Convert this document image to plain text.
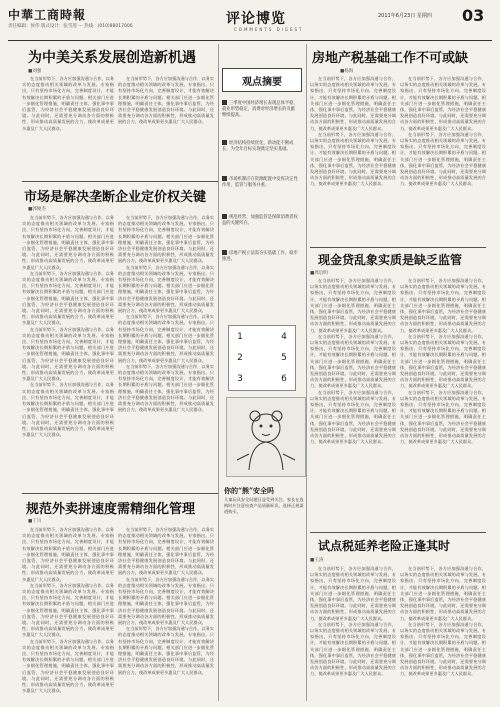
中華工商時報
责任编辑：侯伟 版式设计：张雪莲 ··· 热线：(010)88017006	评论博览
COMMENTS DIGEST
2011年6月23日 星期四 03
为中美关系发展创造新机遇
■刘强

在当前形势下，各方应加强沟通与合作，以务实的态度推动相关领域的改革与发展。专家指出，只有坚持市场化方向，完善制度设计，才能有效解决长期积累的矛盾与问题。相关部门应进一步细化管理措施，明确责任主体，强化事中事后监管，为经济社会平稳健康发展创造良好环境。与此同时，还需要充分调动各方面的积极性，形成推动高质量发展的合力，使改革成果更多惠及广大人民群众。

在当前形势下，各方应加强沟通与合作，以务实的态度推动相关领域的改革与发展。专家指出，只有坚持市场化方向，完善制度设计，才能有效解决长期积累的矛盾与问题。相关部门应进一步细化管理措施，明确责任主体，强化事中事后监管，为经济社会平稳健康发展创造良好环境。与此同时，还需要充分调动各方面的积极性，形成推动高质量发展的合力，使改革成果更多惠及广大人民群众。

市场是解决垄断企业定价权关键
■郭俊杰

在当前形势下，各方应加强沟通与合作，以务实的态度推动相关领域的改革与发展。专家指出，只有坚持市场化方向，完善制度设计，才能有效解决长期积累的矛盾与问题。相关部门应进一步细化管理措施，明确责任主体，强化事中事后监管，为经济社会平稳健康发展创造良好环境。与此同时，还需要充分调动各方面的积极性，形成推动高质量发展的合力，使改革成果更多惠及广大人民群众。

在当前形势下，各方应加强沟通与合作，以务实的态度推动相关领域的改革与发展。专家指出，只有坚持市场化方向，完善制度设计，才能有效解决长期积累的矛盾与问题。相关部门应进一步细化管理措施，明确责任主体，强化事中事后监管，为经济社会平稳健康发展创造良好环境。与此同时，还需要充分调动各方面的积极性，形成推动高质量发展的合力，使改革成果更多惠及广大人民群众。

在当前形势下，各方应加强沟通与合作，以务实的态度推动相关领域的改革与发展。专家指出，只有坚持市场化方向，完善制度设计，才能有效解决长期积累的矛盾与问题。相关部门应进一步细化管理措施，明确责任主体，强化事中事后监管，为经济社会平稳健康发展创造良好环境。与此同时，还需要充分调动各方面的积极性，形成推动高质量发展的合力，使改革成果更多惠及广大人民群众。

在当前形势下，各方应加强沟通与合作，以务实的态度推动相关领域的改革与发展。专家指出，只有坚持市场化方向，完善制度设计，才能有效解决长期积累的矛盾与问题。相关部门应进一步细化管理措施，明确责任主体，强化事中事后监管，为经济社会平稳健康发展创造良好环境。与此同时，还需要充分调动各方面的积极性，形成推动高质量发展的合力，使改革成果更多惠及广大人民群众。

在当前形势下，各方应加强沟通与合作，以务实的态度推动相关领域的改革与发展。专家指出，只有坚持市场化方向，完善制度设计，才能有效解决长期积累的矛盾与问题。相关部门应进一步细化管理措施，明确责任主体，强化事中事后监管，为经济社会平稳健康发展创造良好环境。与此同时，还需要充分调动各方面的积极性，形成推动高质量发展的合力，使改革成果更多惠及广大人民群众。

在当前形势下，各方应加强沟通与合作，以务实的态度推动相关领域的改革与发展。专家指出，只有坚持市场化方向，完善制度设计，才能有效解决长期积累的矛盾与问题。相关部门应进一步细化管理措施，明确责任主体，强化事中事后监管，为经济社会平稳健康发展创造良好环境。与此同时，还需要充分调动各方面的积极性，形成推动高质量发展的合力，使改革成果更多惠及广大人民群众。

在当前形势下，各方应加强沟通与合作，以务实的态度推动相关领域的改革与发展。专家指出，只有坚持市场化方向，完善制度设计，才能有效解决长期积累的矛盾与问题。相关部门应进一步细化管理措施，明确责任主体，强化事中事后监管，为经济社会平稳健康发展创造良好环境。与此同时，还需要充分调动各方面的积极性，形成推动高质量发展的合力，使改革成果更多惠及广大人民群众。

在当前形势下，各方应加强沟通与合作，以务实的态度推动相关领域的改革与发展。专家指出，只有坚持市场化方向，完善制度设计，才能有效解决长期积累的矛盾与问题。相关部门应进一步细化管理措施，明确责任主体，强化事中事后监管，为经济社会平稳健康发展创造良好环境。与此同时，还需要充分调动各方面的积极性，形成推动高质量发展的合力，使改革成果更多惠及广大人民群众。

规范外卖拼速度需精细化管理
■丁川

在当前形势下，各方应加强沟通与合作，以务实的态度推动相关领域的改革与发展。专家指出，只有坚持市场化方向，完善制度设计，才能有效解决长期积累的矛盾与问题。相关部门应进一步细化管理措施，明确责任主体，强化事中事后监管，为经济社会平稳健康发展创造良好环境。与此同时，还需要充分调动各方面的积极性，形成推动高质量发展的合力，使改革成果更多惠及广大人民群众。

在当前形势下，各方应加强沟通与合作，以务实的态度推动相关领域的改革与发展。专家指出，只有坚持市场化方向，完善制度设计，才能有效解决长期积累的矛盾与问题。相关部门应进一步细化管理措施，明确责任主体，强化事中事后监管，为经济社会平稳健康发展创造良好环境。与此同时，还需要充分调动各方面的积极性，形成推动高质量发展的合力，使改革成果更多惠及广大人民群众。

在当前形势下，各方应加强沟通与合作，以务实的态度推动相关领域的改革与发展。专家指出，只有坚持市场化方向，完善制度设计，才能有效解决长期积累的矛盾与问题。相关部门应进一步细化管理措施，明确责任主体，强化事中事后监管，为经济社会平稳健康发展创造良好环境。与此同时，还需要充分调动各方面的积极性，形成推动高质量发展的合力，使改革成果更多惠及广大人民群众。

在当前形势下，各方应加强沟通与合作，以务实的态度推动相关领域的改革与发展。专家指出，只有坚持市场化方向，完善制度设计，才能有效解决长期积累的矛盾与问题。相关部门应进一步细化管理措施，明确责任主体，强化事中事后监管，为经济社会平稳健康发展创造良好环境。与此同时，还需要充分调动各方面的积极性，形成推动高质量发展的合力，使改革成果更多惠及广大人民群众。

在当前形势下，各方应加强沟通与合作，以务实的态度推动相关领域的改革与发展。专家指出，只有坚持市场化方向，完善制度设计，才能有效解决长期积累的矛盾与问题。相关部门应进一步细化管理措施，明确责任主体，强化事中事后监管，为经济社会平稳健康发展创造良好环境。与此同时，还需要充分调动各方面的积极性，形成推动高质量发展的合力，使改革成果更多惠及广大人民群众。

在当前形势下，各方应加强沟通与合作，以务实的态度推动相关领域的改革与发展。专家指出，只有坚持市场化方向，完善制度设计，才能有效解决长期积累的矛盾与问题。相关部门应进一步细化管理措施，明确责任主体，强化事中事后监管，为经济社会平稳健康发展创造良好环境。与此同时，还需要充分调动各方面的积极性，形成推动高质量发展的合力，使改革成果更多惠及广大人民群众。

观点摘要
三季度中国经济增长表现总体平稳，就业形势稳定，消费对经济增长的贡献继续提高。
经济结构持续优化，新动能不断成长，为全年目标实现奠定坚实基础。
市场机制应在资源配置中发挥决定性作用，监管与服务并重。
规范经营、加强监管是保障消费者权益的关键所在。
房地产税立法需夯实基础工作，稳步推进。
1	4
2	5
3	6
你的“熊”安全吗
儿童玩具安全问题日益受到关注，家长在选购时应注意检查产品质量标识，选择正规渠道购买。
房地产税基础工作不可或缺
■杨海

在当前形势下，各方应加强沟通与合作，以务实的态度推动相关领域的改革与发展。专家指出，只有坚持市场化方向，完善制度设计，才能有效解决长期积累的矛盾与问题。相关部门应进一步细化管理措施，明确责任主体，强化事中事后监管，为经济社会平稳健康发展创造良好环境。与此同时，还需要充分调动各方面的积极性，形成推动高质量发展的合力，使改革成果更多惠及广大人民群众。

在当前形势下，各方应加强沟通与合作，以务实的态度推动相关领域的改革与发展。专家指出，只有坚持市场化方向，完善制度设计，才能有效解决长期积累的矛盾与问题。相关部门应进一步细化管理措施，明确责任主体，强化事中事后监管，为经济社会平稳健康发展创造良好环境。与此同时，还需要充分调动各方面的积极性，形成推动高质量发展的合力，使改革成果更多惠及广大人民群众。

在当前形势下，各方应加强沟通与合作，以务实的态度推动相关领域的改革与发展。专家指出，只有坚持市场化方向，完善制度设计，才能有效解决长期积累的矛盾与问题。相关部门应进一步细化管理措施，明确责任主体，强化事中事后监管，为经济社会平稳健康发展创造良好环境。与此同时，还需要充分调动各方面的积极性，形成推动高质量发展的合力，使改革成果更多惠及广大人民群众。

在当前形势下，各方应加强沟通与合作，以务实的态度推动相关领域的改革与发展。专家指出，只有坚持市场化方向，完善制度设计，才能有效解决长期积累的矛盾与问题。相关部门应进一步细化管理措施，明确责任主体，强化事中事后监管，为经济社会平稳健康发展创造良好环境。与此同时，还需要充分调动各方面的积极性，形成推动高质量发展的合力，使改革成果更多惠及广大人民群众。

现金贷乱象实质是缺乏监管
■周启明

在当前形势下，各方应加强沟通与合作，以务实的态度推动相关领域的改革与发展。专家指出，只有坚持市场化方向，完善制度设计，才能有效解决长期积累的矛盾与问题。相关部门应进一步细化管理措施，明确责任主体，强化事中事后监管，为经济社会平稳健康发展创造良好环境。与此同时，还需要充分调动各方面的积极性，形成推动高质量发展的合力，使改革成果更多惠及广大人民群众。

在当前形势下，各方应加强沟通与合作，以务实的态度推动相关领域的改革与发展。专家指出，只有坚持市场化方向，完善制度设计，才能有效解决长期积累的矛盾与问题。相关部门应进一步细化管理措施，明确责任主体，强化事中事后监管，为经济社会平稳健康发展创造良好环境。与此同时，还需要充分调动各方面的积极性，形成推动高质量发展的合力，使改革成果更多惠及广大人民群众。

在当前形势下，各方应加强沟通与合作，以务实的态度推动相关领域的改革与发展。专家指出，只有坚持市场化方向，完善制度设计，才能有效解决长期积累的矛盾与问题。相关部门应进一步细化管理措施，明确责任主体，强化事中事后监管，为经济社会平稳健康发展创造良好环境。与此同时，还需要充分调动各方面的积极性，形成推动高质量发展的合力，使改革成果更多惠及广大人民群众。

在当前形势下，各方应加强沟通与合作，以务实的态度推动相关领域的改革与发展。专家指出，只有坚持市场化方向，完善制度设计，才能有效解决长期积累的矛盾与问题。相关部门应进一步细化管理措施，明确责任主体，强化事中事后监管，为经济社会平稳健康发展创造良好环境。与此同时，还需要充分调动各方面的积极性，形成推动高质量发展的合力，使改革成果更多惠及广大人民群众。

在当前形势下，各方应加强沟通与合作，以务实的态度推动相关领域的改革与发展。专家指出，只有坚持市场化方向，完善制度设计，才能有效解决长期积累的矛盾与问题。相关部门应进一步细化管理措施，明确责任主体，强化事中事后监管，为经济社会平稳健康发展创造良好环境。与此同时，还需要充分调动各方面的积极性，形成推动高质量发展的合力，使改革成果更多惠及广大人民群众。

在当前形势下，各方应加强沟通与合作，以务实的态度推动相关领域的改革与发展。专家指出，只有坚持市场化方向，完善制度设计，才能有效解决长期积累的矛盾与问题。相关部门应进一步细化管理措施，明确责任主体，强化事中事后监管，为经济社会平稳健康发展创造良好环境。与此同时，还需要充分调动各方面的积极性，形成推动高质量发展的合力，使改革成果更多惠及广大人民群众。

试点税延养老险正逢其时
■王涛

在当前形势下，各方应加强沟通与合作，以务实的态度推动相关领域的改革与发展。专家指出，只有坚持市场化方向，完善制度设计，才能有效解决长期积累的矛盾与问题。相关部门应进一步细化管理措施，明确责任主体，强化事中事后监管，为经济社会平稳健康发展创造良好环境。与此同时，还需要充分调动各方面的积极性，形成推动高质量发展的合力，使改革成果更多惠及广大人民群众。

在当前形势下，各方应加强沟通与合作，以务实的态度推动相关领域的改革与发展。专家指出，只有坚持市场化方向，完善制度设计，才能有效解决长期积累的矛盾与问题。相关部门应进一步细化管理措施，明确责任主体，强化事中事后监管，为经济社会平稳健康发展创造良好环境。与此同时，还需要充分调动各方面的积极性，形成推动高质量发展的合力，使改革成果更多惠及广大人民群众。

在当前形势下，各方应加强沟通与合作，以务实的态度推动相关领域的改革与发展。专家指出，只有坚持市场化方向，完善制度设计，才能有效解决长期积累的矛盾与问题。相关部门应进一步细化管理措施，明确责任主体，强化事中事后监管，为经济社会平稳健康发展创造良好环境。与此同时，还需要充分调动各方面的积极性，形成推动高质量发展的合力，使改革成果更多惠及广大人民群众。

在当前形势下，各方应加强沟通与合作，以务实的态度推动相关领域的改革与发展。专家指出，只有坚持市场化方向，完善制度设计，才能有效解决长期积累的矛盾与问题。相关部门应进一步细化管理措施，明确责任主体，强化事中事后监管，为经济社会平稳健康发展创造良好环境。与此同时，还需要充分调动各方面的积极性，形成推动高质量发展的合力，使改革成果更多惠及广大人民群众。
